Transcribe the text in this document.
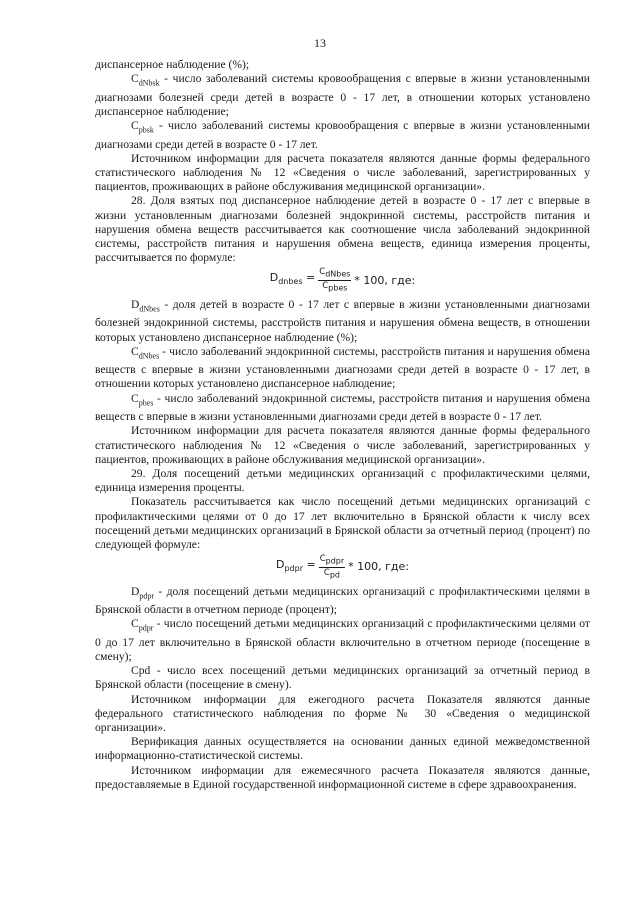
13

диспансерное наблюдение (%);

$С_{dNbsk}$ - число заболеваний системы кровообращения с впервые в жизни установленными диагнозами болезней среди детей в возрасте 0 - 17 лет, в отношении которых установлено диспансерное наблюдение;

$С_{pbsk}$ - число заболеваний системы кровообращения с впервые в жизни установленными диагнозами среди детей в возрасте 0 - 17 лет.

Источником информации для расчета показателя являются данные формы федерального статистического наблюдения № 12 «Сведения о числе заболеваний, зарегистрированных у пациентов, проживающих в районе обслуживания медицинской организации».

28. Доля взятых под диспансерное наблюдение детей в возрасте 0 - 17 лет с впервые в жизни установленным диагнозами болезней эндокринной системы, расстройств питания и нарушения обмена веществ рассчитывается как соотношение числа заболеваний эндокринной системы, расстройств питания и нарушения обмена веществ, единица измерения проценты, рассчитывается по формуле:

$D_{dnbes} = \frac{C_{dNbes}}{C_{pbes}} * 100$, где:

$D_{dNbes}$ - доля детей в возрасте 0 - 17 лет с впервые в жизни установленными диагнозами болезней эндокринной системы, расстройств питания и нарушения обмена веществ, в отношении которых установлено диспансерное наблюдение (%);

$С_{dNbes}$ - число заболеваний эндокринной системы, расстройств питания и нарушения обмена веществ с впервые в жизни установленными диагнозами среди детей в возрасте 0 - 17 лет, в отношении которых установлено диспансерное наблюдение;

$С_{pbes}$ - число заболеваний эндокринной системы, расстройств питания и нарушения обмена веществ с впервые в жизни установленными диагнозами среди детей в возрасте 0 - 17 лет.

Источником информации для расчета показателя являются данные формы федерального статистического наблюдения № 12 «Сведения о числе заболеваний, зарегистрированных у пациентов, проживающих в районе обслуживания медицинской организации».

29. Доля посещений детьми медицинских организаций с профилактическими целями, единица измерения проценты.

Показатель рассчитывается как число посещений детьми медицинских организаций с профилактическими целями от 0 до 17 лет включительно в Брянской области к числу всех посещений детьми медицинских организаций в Брянской области за отчетный период (процент) по следующей формуле:

$D_{pdpr} = \frac{C_{pdpr}}{C_{pd}} * 100$, где:

$D_{pdpr}$ - доля посещений детьми медицинских организаций с профилактическими целями в Брянской области в отчетном периоде (процент);

$С_{pdpr}$ - число посещений детьми медицинских организаций с профилактическими целями от 0 до 17 лет включительно в Брянской области включительно в отчетном периоде (посещение в смену);

Cpd - число всех посещений детьми медицинских организаций за отчетный период в Брянской области (посещение в смену).

Источником информации для ежегодного расчета Показателя являются данные федерального статистического наблюдения по форме № 30 «Сведения о медицинской организации».

Верификация данных осуществляется на основании данных единой межведомственной информационно-статистической системы.

Источником информации для ежемесячного расчета Показателя являются данные, предоставляемые в Единой государственной информационной системе в сфере здравоохранения.
